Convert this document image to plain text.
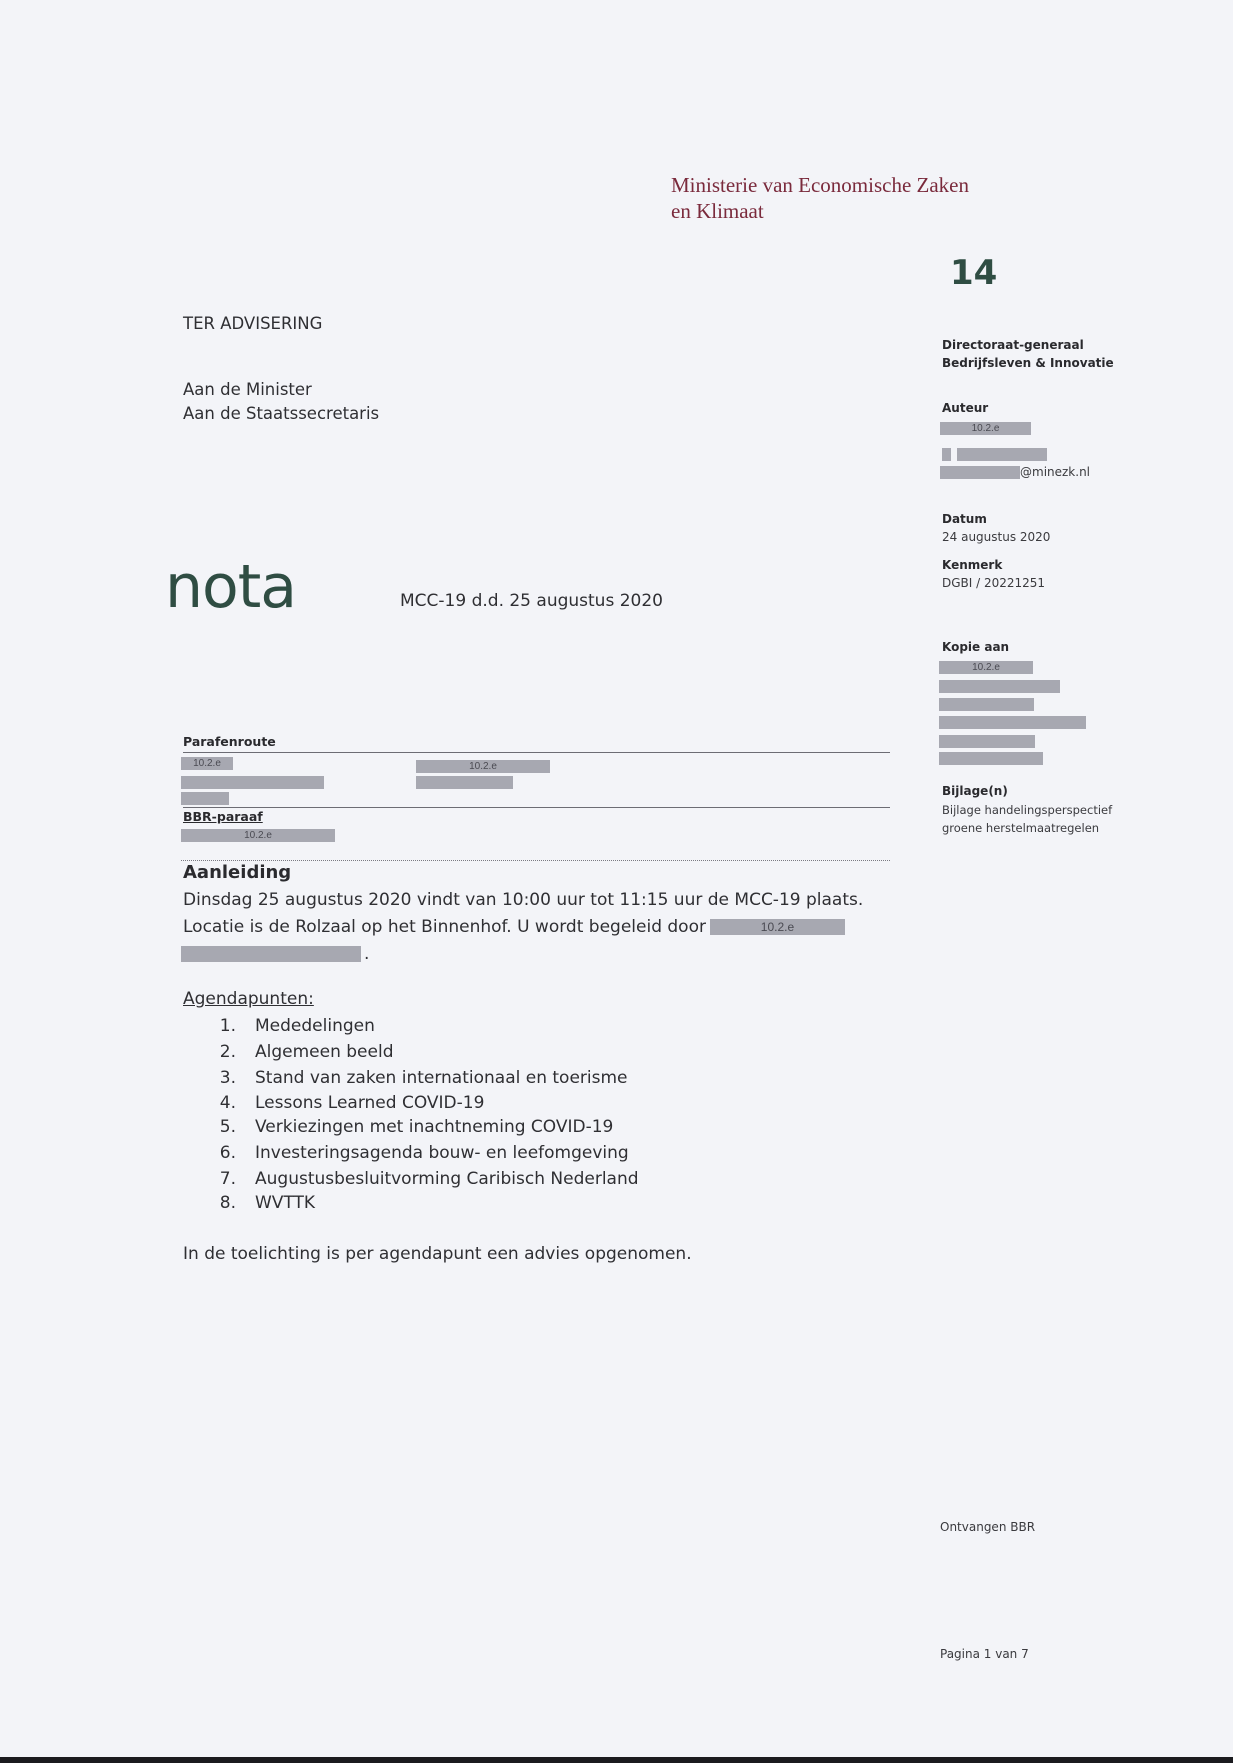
Ministerie van Economische Zaken
en Klimaat
14
TER ADVISERING
Aan de Minister
Aan de Staatssecretaris
Directoraat-generaal
Bedrijfsleven & Innovatie
Auteur
10.2.e
@minezk.nl
Datum
24 augustus 2020
Kenmerk
DGBI / 20221251
Kopie aan
10.2.e
Bijlage(n)
Bijlage handelingsperspectief
groene herstelmaatregelen
nota	MCC-19 d.d. 25 augustus 2020
Parafenroute
10.2.e	10.2.e
BBR-paraaf
10.2.e
Aanleiding
Dinsdag 25 augustus 2020 vindt van 10:00 uur tot 11:15 uur de MCC-19 plaats.
Locatie is de Rolzaal op het Binnenhof. U wordt begeleid door	10.2.e
.
Agendapunten:
1. Mededelingen
2. Algemeen beeld
3. Stand van zaken internationaal en toerisme
4. Lessons Learned COVID-19
5. Verkiezingen met inachtneming COVID-19
6. Investeringsagenda bouw- en leefomgeving
7. Augustusbesluitvorming Caribisch Nederland
8. WVTTK
In de toelichting is per agendapunt een advies opgenomen.
Ontvangen BBR
Pagina 1 van 7
